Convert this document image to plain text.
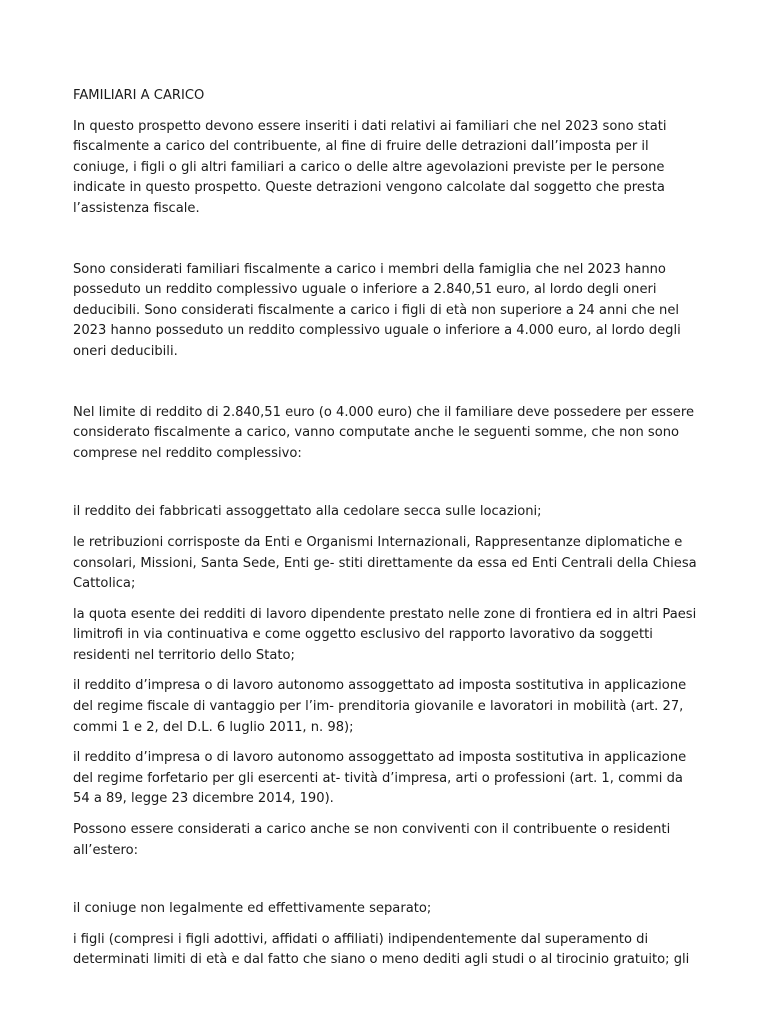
FAMILIARI A CARICO

In questo prospetto devono essere inseriti i dati relativi ai familiari che nel 2023 sono stati fiscalmente a carico del contribuente, al fine di fruire delle detrazioni dall’imposta per il coniuge, i figli o gli altri familiari a carico o delle altre agevolazioni previste per le persone indicate in questo prospetto. Queste detrazioni vengono calcolate dal soggetto che presta l’assistenza fiscale.

Sono considerati familiari fiscalmente a carico i membri della famiglia che nel 2023 hanno posseduto un reddito complessivo uguale o inferiore a 2.840,51 euro, al lordo degli oneri deducibili. Sono considerati fiscalmente a carico i figli di età non superiore a 24 anni che nel 2023 hanno posseduto un reddito complessivo uguale o inferiore a 4.000 euro, al lordo degli oneri deducibili.

Nel limite di reddito di 2.840,51 euro (o 4.000 euro) che il familiare deve possedere per essere considerato fiscalmente a carico, vanno computate anche le seguenti somme, che non sono comprese nel reddito complessivo:

il reddito dei fabbricati assoggettato alla cedolare secca sulle locazioni;

le retribuzioni corrisposte da Enti e Organismi Internazionali, Rappresentanze diplomatiche e consolari, Missioni, Santa Sede, Enti ge- stiti direttamente da essa ed Enti Centrali della Chiesa Cattolica;

la quota esente dei redditi di lavoro dipendente prestato nelle zone di frontiera ed in altri Paesi limitrofi in via continuativa e come oggetto esclusivo del rapporto lavorativo da soggetti residenti nel territorio dello Stato;

il reddito d’impresa o di lavoro autonomo assoggettato ad imposta sostitutiva in applicazione del regime fiscale di vantaggio per l’im- prenditoria giovanile e lavoratori in mobilità (art. 27, commi 1 e 2, del D.L. 6 luglio 2011, n. 98);

il reddito d’impresa o di lavoro autonomo assoggettato ad imposta sostitutiva in applicazione del regime forfetario per gli esercenti at- tività d’impresa, arti o professioni (art. 1, commi da 54 a 89, legge 23 dicembre 2014, 190).

Possono essere considerati a carico anche se non conviventi con il contribuente o residenti all’estero:

il coniuge non legalmente ed effettivamente separato;

i figli (compresi i figli adottivi, affidati o affiliati) indipendentemente dal superamento di determinati limiti di età e dal fatto che siano o meno dediti agli studi o al tirocinio gratuito; gli
